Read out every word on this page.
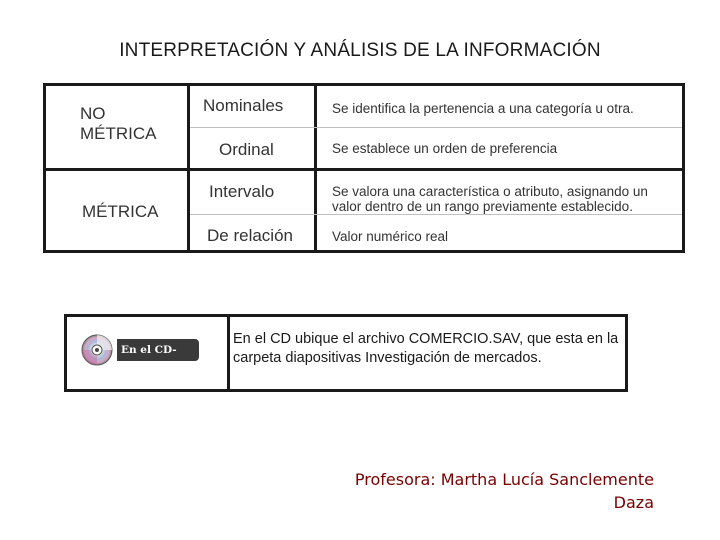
INTERPRETACIÓN Y ANÁLISIS DE LA INFORMACIÓN
NO MÉTRICA
MÉTRICA
Nominales
Ordinal
Intervalo
De relación
Se identifica la pertenencia a una categoría u otra.
Se establece un orden de preferencia
Se valora una característica o atributo, asignando un valor dentro de un rango previamente establecido.
Valor numérico real
En el CD-ROM
En el CD ubique el archivo COMERCIO.SAV, que esta en la carpeta diapositivas Investigación de mercados.
Profesora: Martha Lucía Sanclemente
Daza
